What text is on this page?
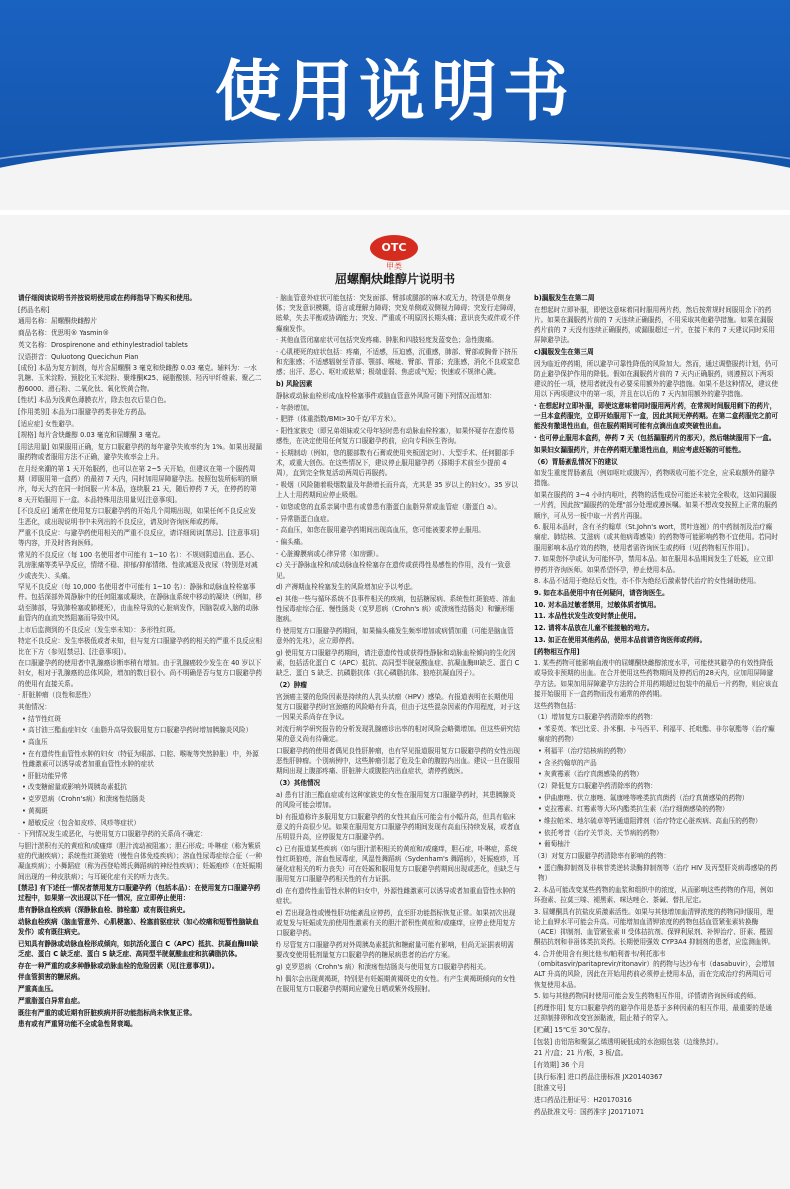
使用说明书
OTC
甲类
屈螺酮炔雌醇片说明书

请仔细阅读说明书并按说明使用或在药师指导下购买和使用。

[药品名称]

通用名称：屈螺酮炔雌醇片

商品名称：优思明® Yasmin®

英文名称：Drospirenone and ethinylestradiol tablets

汉语拼音：Quluotong Quecichun Pian

[成份] 本品为复方制剂，每片含屈螺酮 3 毫克和炔雌醇 0.03 毫克。辅料为：一水乳糖、玉米淀粉、预胶化玉米淀粉、聚维酮K25、硬脂酸镁、羟丙甲纤维素、聚乙二醇6000、滑石粉、二氧化钛、氧化铁黄合物。

[性状] 本品为浅黄色薄膜衣片，除去包衣后显白色。

[作用类别] 本品为口服避孕药类非处方药品。

[适应症] 女性避孕。

[规格] 每片含炔雌醇 0.03 毫克和屈螺酮 3 毫克。

[用法用量] 如果服用正确，复方口服避孕药的每年避孕失败率约为 1%。如果出现漏服药物或者服用方法不正确，避孕失败率会上升。

在月经来潮的第 1 天开始服药，也可以在第 2~5 天开始，但建议在第一个服药周期（即服用第一盒药）的最初 7 天内，同时加用屏障避孕法。按照包装所标明的顺序，每天大约在同一时间服一片本品，连续服 21 天，随后停药 7 天，在停药的第 8 天开始服用下一盒。本品特殊用法用量见[注意事项]。

[不良反应] 通常在使用复方口服避孕药的开始几个周期出现，如果任何不良反应发生恶化，或出现说明书中未列出的不良反应，请及时咨询医师或药师。

严重不良反应：与避孕药使用相关的严重不良反应，请详细阅读[禁忌]、[注意事项]等内容，并及时咨询医师。

常见的不良反应（每 100 名使用者中可能有 1~10 名）：不规则阴道出血、恶心、乳房胀痛等类早孕反应，情绪不稳、抑郁/抑郁情绪、性欲减退及夜尿（特别是对减少或丧失）、头痛。

罕见不良反应（每 10,000 名使用者中可能有 1~10 名）：静脉和动脉血栓栓塞事件。包括深部外周静脉中的任何阻塞或凝块，在静脉血系统中移动的凝块（例如，移动至肺部，导致肺栓塞或肺梗死），由血栓导致的心脏病发作，因脑裂或入脑的动脉血管内的血流突然阻塞而导致中风。

上市后监测到的不良反应（发生率未知）：多形性红斑。

特定不良反应：发生率极低或者未知，但与复方口服避孕药的相关的严重不良反应相比在下方（参见[禁忌]、[注意事项]）。

在口服避孕药的使用者中乳腺癌诊断率稍有增加。由于乳腺癌较少发生在 40 岁以下妇女，相对于乳腺癌的总体风险，增加的数目很小。尚不明确是否与复方口服避孕药的使用有直接关系。

· 肝脏肿瘤（良性和恶性）

其他情况：

• 结节性红斑

• 高甘油三酯血症妇女（血脂升高导致服用复方口服避孕药时增加胰腺炎风险）

• 高血压

• 在有遗传性血管性水肿的妇女（特征为眼部、口腔、喉咙等突然肿胀）中，外源性雌激素可以诱导或者加重血管性水肿的症状

• 肝脏功能异常

• 改变糖耐量或影响外周胰岛素抵抗

• 克罗恩病（Crohn's病）和溃疡性结肠炎

• 黄褐斑

• 超敏反应（包含如皮疹、风疹等症状）

· 下列情况发生或恶化，与使用复方口服避孕药的关系尚不确定：

与胆汁淤积有关的黄疸和/或瘙痒（胆汁流动被阻塞）；胆石形成；卟啉症（称为紫质症的代谢疾病）；系统性红斑狼疮（慢性自体免疫疾病）；溶血性尿毒症综合征（一种凝血疾病）；小舞蹈症（称为西登哈姆氏舞蹈病的神经性疾病）；妊娠疱疹（在妊娠期间出现的一种皮肤病）；与耳硬化症有关的听力丧失。

[禁忌] 有下述任一情况者禁用复方口服避孕药（包括本品）：在使用复方口服避孕药过程中，如果第一次出现以下任一情况，应立即停止使用：

患有静脉血栓疾病（深静脉血栓、肺栓塞）或有既往病史。

动脉血栓疾病（脑血管意外、心肌梗塞）、栓塞前驱症状（如心绞痛和短暂性脑缺血发作）或有既往病史。

已知具有静脉或动脉血栓形成倾向，如抗活化蛋白 C（APC）抵抗、抗凝血酶III缺乏症、蛋白 C 缺乏症、蛋白 S 缺乏症、高同型半胱氨酸血症和抗磷脂抗体。

存在一种严重的或多种静脉或动脉血栓的危险因素（见[注意事项]）。

伴血管损害的糖尿病。

严重高血压。

严重脂蛋白异常血症。

既往有严重的或近期有肝脏疾病并肝功能指标尚未恢复正常。

患有或有严重肾功能不全或急性肾衰竭。

· 脑血管意外症状可能包括：突发面部、臂部或腿部的麻木或无力，特别是单侧身体；突发意识模糊，语言或理解力障碍；突发单侧或双侧视力障碍；突发行走障碍，眩晕，失去平衡或协调能力；突发、严重或不明原因长期头痛；意识丧失或伴或不伴癫痫发作。

· 其他血管闭塞症状可包括突发疼痛、肿胀和四肢轻度发蓝变色；急性腹痛。

· 心肌梗死的症状包括：疼痛，不适感，压迫感，沉重感，肺部、臂部或胸骨下挤压和充胀感；不适感辐射至背部、颚部、喉咙、臂部、胃部；充胀感，消化不良或窒息感；出汗、恶心、呕吐或眩晕；极端虚弱、焦虑或气短；快速或不规律心跳。

b) 风险因素

静脉或动脉血栓形成/血栓栓塞事件或脑血管意外风险可随下列情况而增加：

- 年龄增加。

- 肥胖（体重指数/BMI>30千克/平方米）。

- 阳性家族史（即兄弟姐妹或父母年轻时患有动脉血栓栓塞），如果怀疑存在遗传易感性，在决定使用任何复方口服避孕药前，应向专科医生咨询。

- 长期制动（例如，您的腿部数有石膏或使用夹板固定时）、大型手术、任何腿部手术，或重大创伤。在这些情况下，建议停止服用避孕药（择期手术前至少提前 4 周），直到完全恢复活动两周后再服药。

- 吸烟（风险随着吸烟数量及年龄增长而升高，尤其是 35 岁以上的妇女）。35 岁以上人士用药期间应停止吸烟。

- 如您或您的直系亲属中患有或曾患有脂蛋白血脂异常或血管症（脂蛋白 a）。

- 异常脂蛋白血症。

- 高血压，如您在服用避孕药期间出现高血压，您可能被要求停止服用。

- 偏头痛。

- 心脏瓣膜病或心律异常（如房颤）。

c) 关于静脉血栓和/或动脉血栓栓塞存在遗传或获得性易感性的作用，没有一致意见。

d) 产褥期血栓栓塞发生的风险增加应予以考虑。

e) 其他一些与循环系统不良事件相关的疾病，包括糖尿病、系统性红斑狼疮、溶血性尿毒症综合征、慢性肠炎（克罗恩病（Crohn's 病）或溃疡性结肠炎）和镰形细胞病。

f) 使用复方口服避孕药期间，如果偏头痛发生频率增加或病情加重（可能是脑血管意外的先兆），应立即停药。

g) 使用复方口服避孕药期间，请注意遗传性或获得性静脉和动脉血栓倾向的生化因素，包括活化蛋白 C（APC）抵抗、高同型半胱氨酸血症、抗凝血酶III缺乏、蛋白 C 缺乏、蛋白 S 缺乏、抗磷脂抗体（抗心磷脂抗体、狼疮抗凝血因子）。

（2）肿瘤

宫颈癌主要的危险因素是持续的人乳头状瘤（HPV）感染。有报道表明在长期使用复方口服避孕药时宫颈癌的风险略有升高，但由于这些混杂因素的作用程度，对于这一因果关系尚存在争议。

对流行病学研究报告的分析发现乳腺癌诊出率的相对风险会略微增加。但这些研究结果的意义尚有待确定。

口服避孕药的使用者偶见良性肝肿瘤，也有罕见报道服用复方口服避孕药的女性出现恶性肝肿瘤。个别病例中，这些肿瘤引起了危及生命的腹腔内出血。建议一旦在服用期间出现上腹部疼痛、肝脏肿大或腹腔内出血症状，请停药就医。

（3）其他情况

a) 患有甘油三酯血症或有这种家族史的女性在服用复方口服避孕药时，其患胰腺炎的风险可能会增加。

b) 有报道称许多服用复方口服避孕药的女性其血压可能会有小幅升高，但具有临床意义的升高很少见。如果在服用复方口服避孕药期间发现有高血压持续发展，或者血压明显升高，应停服复方口服避孕药。

c) 已有报道某些疾病（如与胆汁淤积相关的黄疸和/或瘙痒，胆石症，卟啉症，系统性红斑狼疮，溶血性尿毒症，风湿性舞蹈病（Sydenham's 舞蹈病），妊娠疱疹，耳硬化症相关的听力丧失）可在妊娠和服用复方口服避孕药期间出现或恶化，但缺乏与服用复方口服避孕药相关性的有力证据。

d) 在有遗传性血管性水肿的妇女中，外源性雌激素可以诱导或者加重血管性水肿的症状。

e) 若出现急性或慢性肝功能紊乱应停药，直至肝功能指标恢复正常。如果初次出现或复发与妊娠或先前使用性激素有关的胆汁淤积性黄疸和/或瘙痒，应停止使用复方口服避孕药。

f) 尽管复方口服避孕药对外周胰岛素抵抗和糖耐量可能有影响，但尚无证据表明需要改变使用低剂量复方口服避孕药的糖尿病患者的治疗方案。

g) 克罗恩病（Crohn's 病）和溃疡性结肠炎与使用复方口服避孕药相关。

h) 偶尔会出现黄褐斑，特别是有妊娠期黄褐斑史的女性。有产生黄褐斑倾向的女性在服用复方口服避孕药期间应避免日晒或紫外线照射。

b)漏服发生在第二周

在想起时立即补服，即使这意味着同时服用两片药，然后按常规时间服用余下的药片。如果在漏服药片前的 7 天连续正确服药，不用采取其他避孕措施。如果在漏服药片前的 7 天没有连续正确服药，或漏服超过一片，在接下来的 7 天建议同时采用屏障避孕法。

c)漏服发生在第三周

因为临近停药期，所以避孕可靠性降低的风险加大。然而，通过调整服药计划，仍可防止避孕保护作用的降低。假如在漏服药片前的 7 天内正确服药，则遵照以下两项建议的任一项，使用者就没有必要采用额外的避孕措施。如果不是这种情况，建议使用以下两项建议中的第一项，并且在以后的 7 天内加用额外的避孕措施。

· 在想起时立即补服，即使这意味着同时服用两片药，在常规时间服用剩下的药片，一旦本盒药服完，立即开始服用下一盒，因此其间无停药期。在第二盒药服完之前可能没有撤退性出血，但在服药期间可能有点滴出血或突破性出血。

· 也可停止服用本盒药，停药 7 天（包括漏服药片的那天），然后继续服用下一盒。

如果妇女漏服药片，并在停药期无撤退性出血，则应考虑妊娠的可能性。

（6）胃肠紊乱情况下的建议

如发生重度胃肠紊乱（例如呕吐或腹泻），药物吸收可能不完全，应采取额外的避孕措施。

如果在服药的 3~4 小时内呕吐，药物的活性成份可能还未被完全吸收，这如同漏服一片药，因此按"漏服药的处理"部分处理或遵医嘱。如果不想改变按照上正常的服药顺序，可从另一板中取一片药片再服。

6. 服用本品时，含有圣约翰草（St.John's wort，贯叶连翘）的中药制剂及治疗癫痫症、肺结核、艾滋病（或其他病毒感染）的药物等可能影响药物不宜使用。若同时服用影响本品疗效的药物，使用者需咨询医生或药师（见[药物相互作用]）。

7. 如果您怀孕或认为可能怀孕，禁用本品。如在服用本品期间发生了妊娠，应立即停药并咨询医师。如果希望怀孕，停止使用本品。

8. 本品不适用于绝经后女性，亦不作为绝经后激素替代治疗的女性辅助使用。

9. 如在本品使用中有任何疑问，请咨询医生。

10. 对本品过敏者禁用，过敏体质者慎用。

11. 本品性状发生改变时禁止使用。

12. 请将本品放在儿童不能接触的地方。

13. 如正在使用其他药品，使用本品前请咨询医师或药师。

[药物相互作用]

1. 某些药物可能影响血液中的屈螺酮炔雌醇浓度水平，可能使其避孕的有效性降低或导致非预期的出血。在合并使用这些药物期间及停药后的28天内，应加用屏障避孕方法。如果加用屏障避孕方法的合并用药期超过包装中的最后一片药物，则应该直接开始服用下一盒药物而没有通常的停药期。

这些药物包括：

（1）增加复方口服避孕药清除率的药物：

• 苯妥英、苯巴比妥、扑米酮、卡马西平、利福平、托吡酯、非尔氨酯等（治疗癫痫症的药物）

• 利福平（治疗结核病的药物）

• 含圣约翰草的产品

• 灰黄霉素（治疗真菌感染的药物）

（2）降低复方口服避孕药清除率的药物：

• 伊曲康唑、伏立康唑、氟康唑等唑类抗真菌药（治疗真菌感染的药物）

• 克拉霉素、红霉素等大环内酯类抗生素（治疗细菌感染的药物）

• 维拉帕米、地尔硫卓等钙通道阻滞剂（治疗特定心脏疾病、高血压的药物）

• 依托考昔（治疗关节炎、关节病的药物）

• 葡萄柚汁

（3）对复方口服避孕药清除率有影响的药物：

• 蛋白酶抑制剂及非核苷类逆转录酶抑制剂等（治疗 HIV 及丙型肝炎病毒感染的药物）

2. 本品可能改变某些药物的血浆和组织中的浓度，从而影响这些药物的作用，例如环孢素、拉莫三嗪、褪黑素、咪达唑仑、茶碱、替扎尼定。

3. 屈螺酮具有抗盐皮质激素活性。如果与其他增加血清钾浓度的药物同时服用，理论上血钾水平可能会升高。可能增加血清钾浓度的药物包括血管紧张素转换酶（ACE）抑制剂、血管紧张素 II 受体拮抗剂、保钾利尿剂、补钾治疗、肝素、醛固酮拮抗剂和非甾体类抗炎药。长期使用强效 CYP3A4 抑制剂的患者，应监测血钾。

4. 合并使用含有奥比他韦/帕利普韦/利托那韦（ombitasvir/paritaprevir/ritonavir）的药物与达沙布韦（dasabuvir），会增加 ALT 升高的风险，因此在开始用药前必须停止使用本品，而在完成治疗约两周后可恢复使用本品。

5. 如与其他药物同时使用可能会发生药物相互作用，详情请咨询医师或药师。

[药理作用] 复方口服避孕药的避孕作用是基于多种因素的相互作用，最重要的是通过抑制排卵和改变宫颈黏液，阻止精子的穿入。

[贮藏] 15℃至 30℃保存。

[包装] 由铝箔和聚氯乙烯透明硬低成的水泡眼包装（边缘热封）。

21 片/盒；21 片/板，3 板/盒。

[有效期] 36 个月

[执行标准] 进口药品注册标准 JX20140367

[批准文号]

进口药品注册证号：H20170316

药品批准文号：国药准字 J20171071
